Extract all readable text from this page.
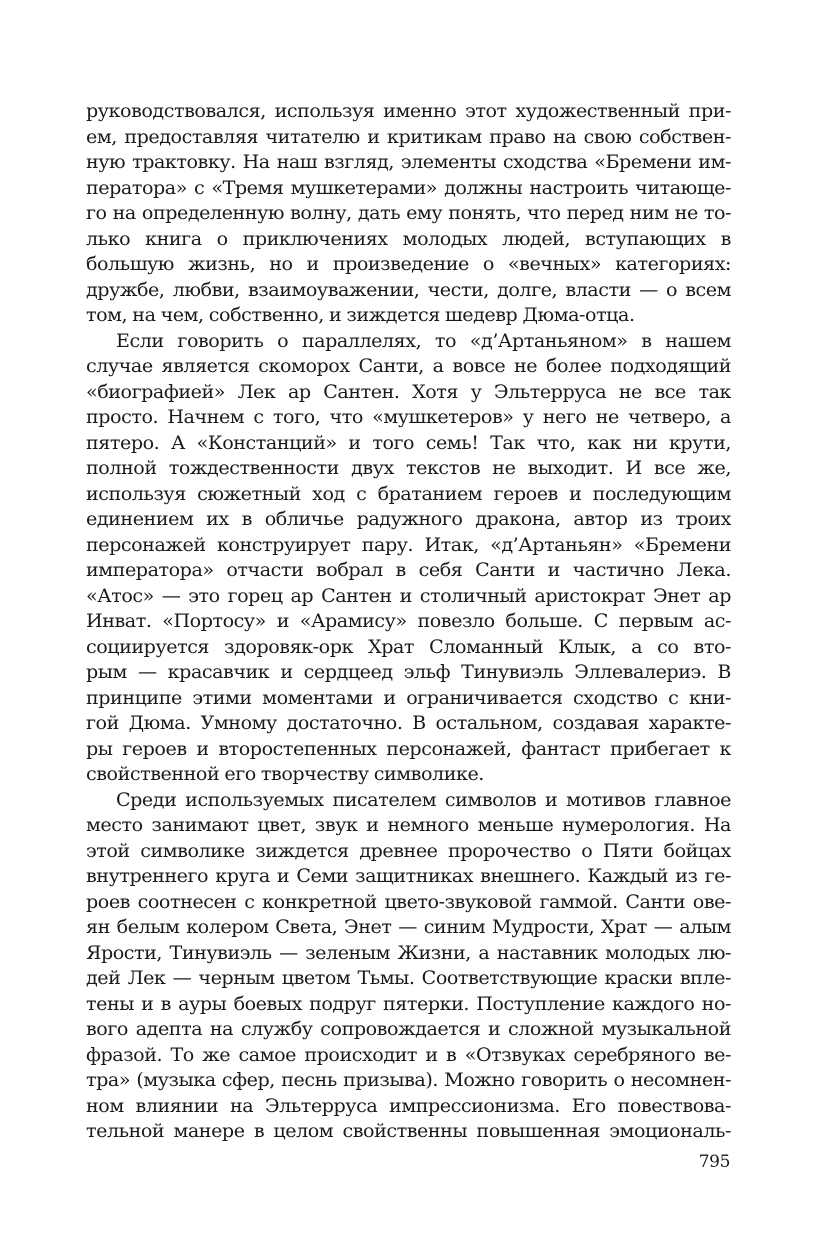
руководствовался, используя именно этот художественный при-
ем, предоставляя читателю и критикам право на свою собствен-
ную трактовку. На наш взгляд, элементы сходства «Бремени им-
ператора» с «Тремя мушкетерами» должны настроить читающе-
го на определенную волну, дать ему понять, что перед ним не то-
лько книга о приключениях молодых людей, вступающих в
большую жизнь, но и произведение о «вечных» категориях:
дружбе, любви, взаимоуважении, чести, долге, власти — о всем
том, на чем, собственно, и зиждется шедевр Дюма-отца.
Если говорить о параллелях, то «д’Артаньяном» в нашем
случае является скоморох Санти, а вовсе не более подходящий
«биографией» Лек ар Сантен. Хотя у Эльтерруса не все так
просто. Начнем с того, что «мушкетеров» у него не четверо, а
пятеро. А «Констанций» и того семь! Так что, как ни крути,
полной тождественности двух текстов не выходит. И все же,
используя сюжетный ход с братанием героев и последующим
единением их в обличье радужного дракона, автор из троих
персонажей конструирует пару. Итак, «д’Артаньян» «Бремени
императора» отчасти вобрал в себя Санти и частично Лека.
«Атос» — это горец ар Сантен и столичный аристократ Энет ар
Инват. «Портосу» и «Арамису» повезло больше. С первым ас-
социируется здоровяк-орк Храт Сломанный Клык, а со вто-
рым — красавчик и сердцеед эльф Тинувиэль Эллевалериэ. В
принципе этими моментами и ограничивается сходство с кни-
гой Дюма. Умному достаточно. В остальном, создавая характе-
ры героев и второстепенных персонажей, фантаст прибегает к
свойственной его творчеству символике.
Среди используемых писателем символов и мотивов главное
место занимают цвет, звук и немного меньше нумерология. На
этой символике зиждется древнее пророчество о Пяти бойцах
внутреннего круга и Семи защитниках внешнего. Каждый из ге-
роев соотнесен с конкретной цвето-звуковой гаммой. Санти ове-
ян белым колером Света, Энет — синим Мудрости, Храт — алым
Ярости, Тинувиэль — зеленым Жизни, а наставник молодых лю-
дей Лек — черным цветом Тьмы. Соответствующие краски впле-
тены и в ауры боевых подруг пятерки. Поступление каждого но-
вого адепта на службу сопровождается и сложной музыкальной
фразой. То же самое происходит и в «Отзвуках серебряного ве-
тра» (музыка сфер, песнь призыва). Можно говорить о несомнен-
ном влиянии на Эльтерруса импрессионизма. Его повествова-
тельной манере в целом свойственны повышенная эмоциональ-
795
